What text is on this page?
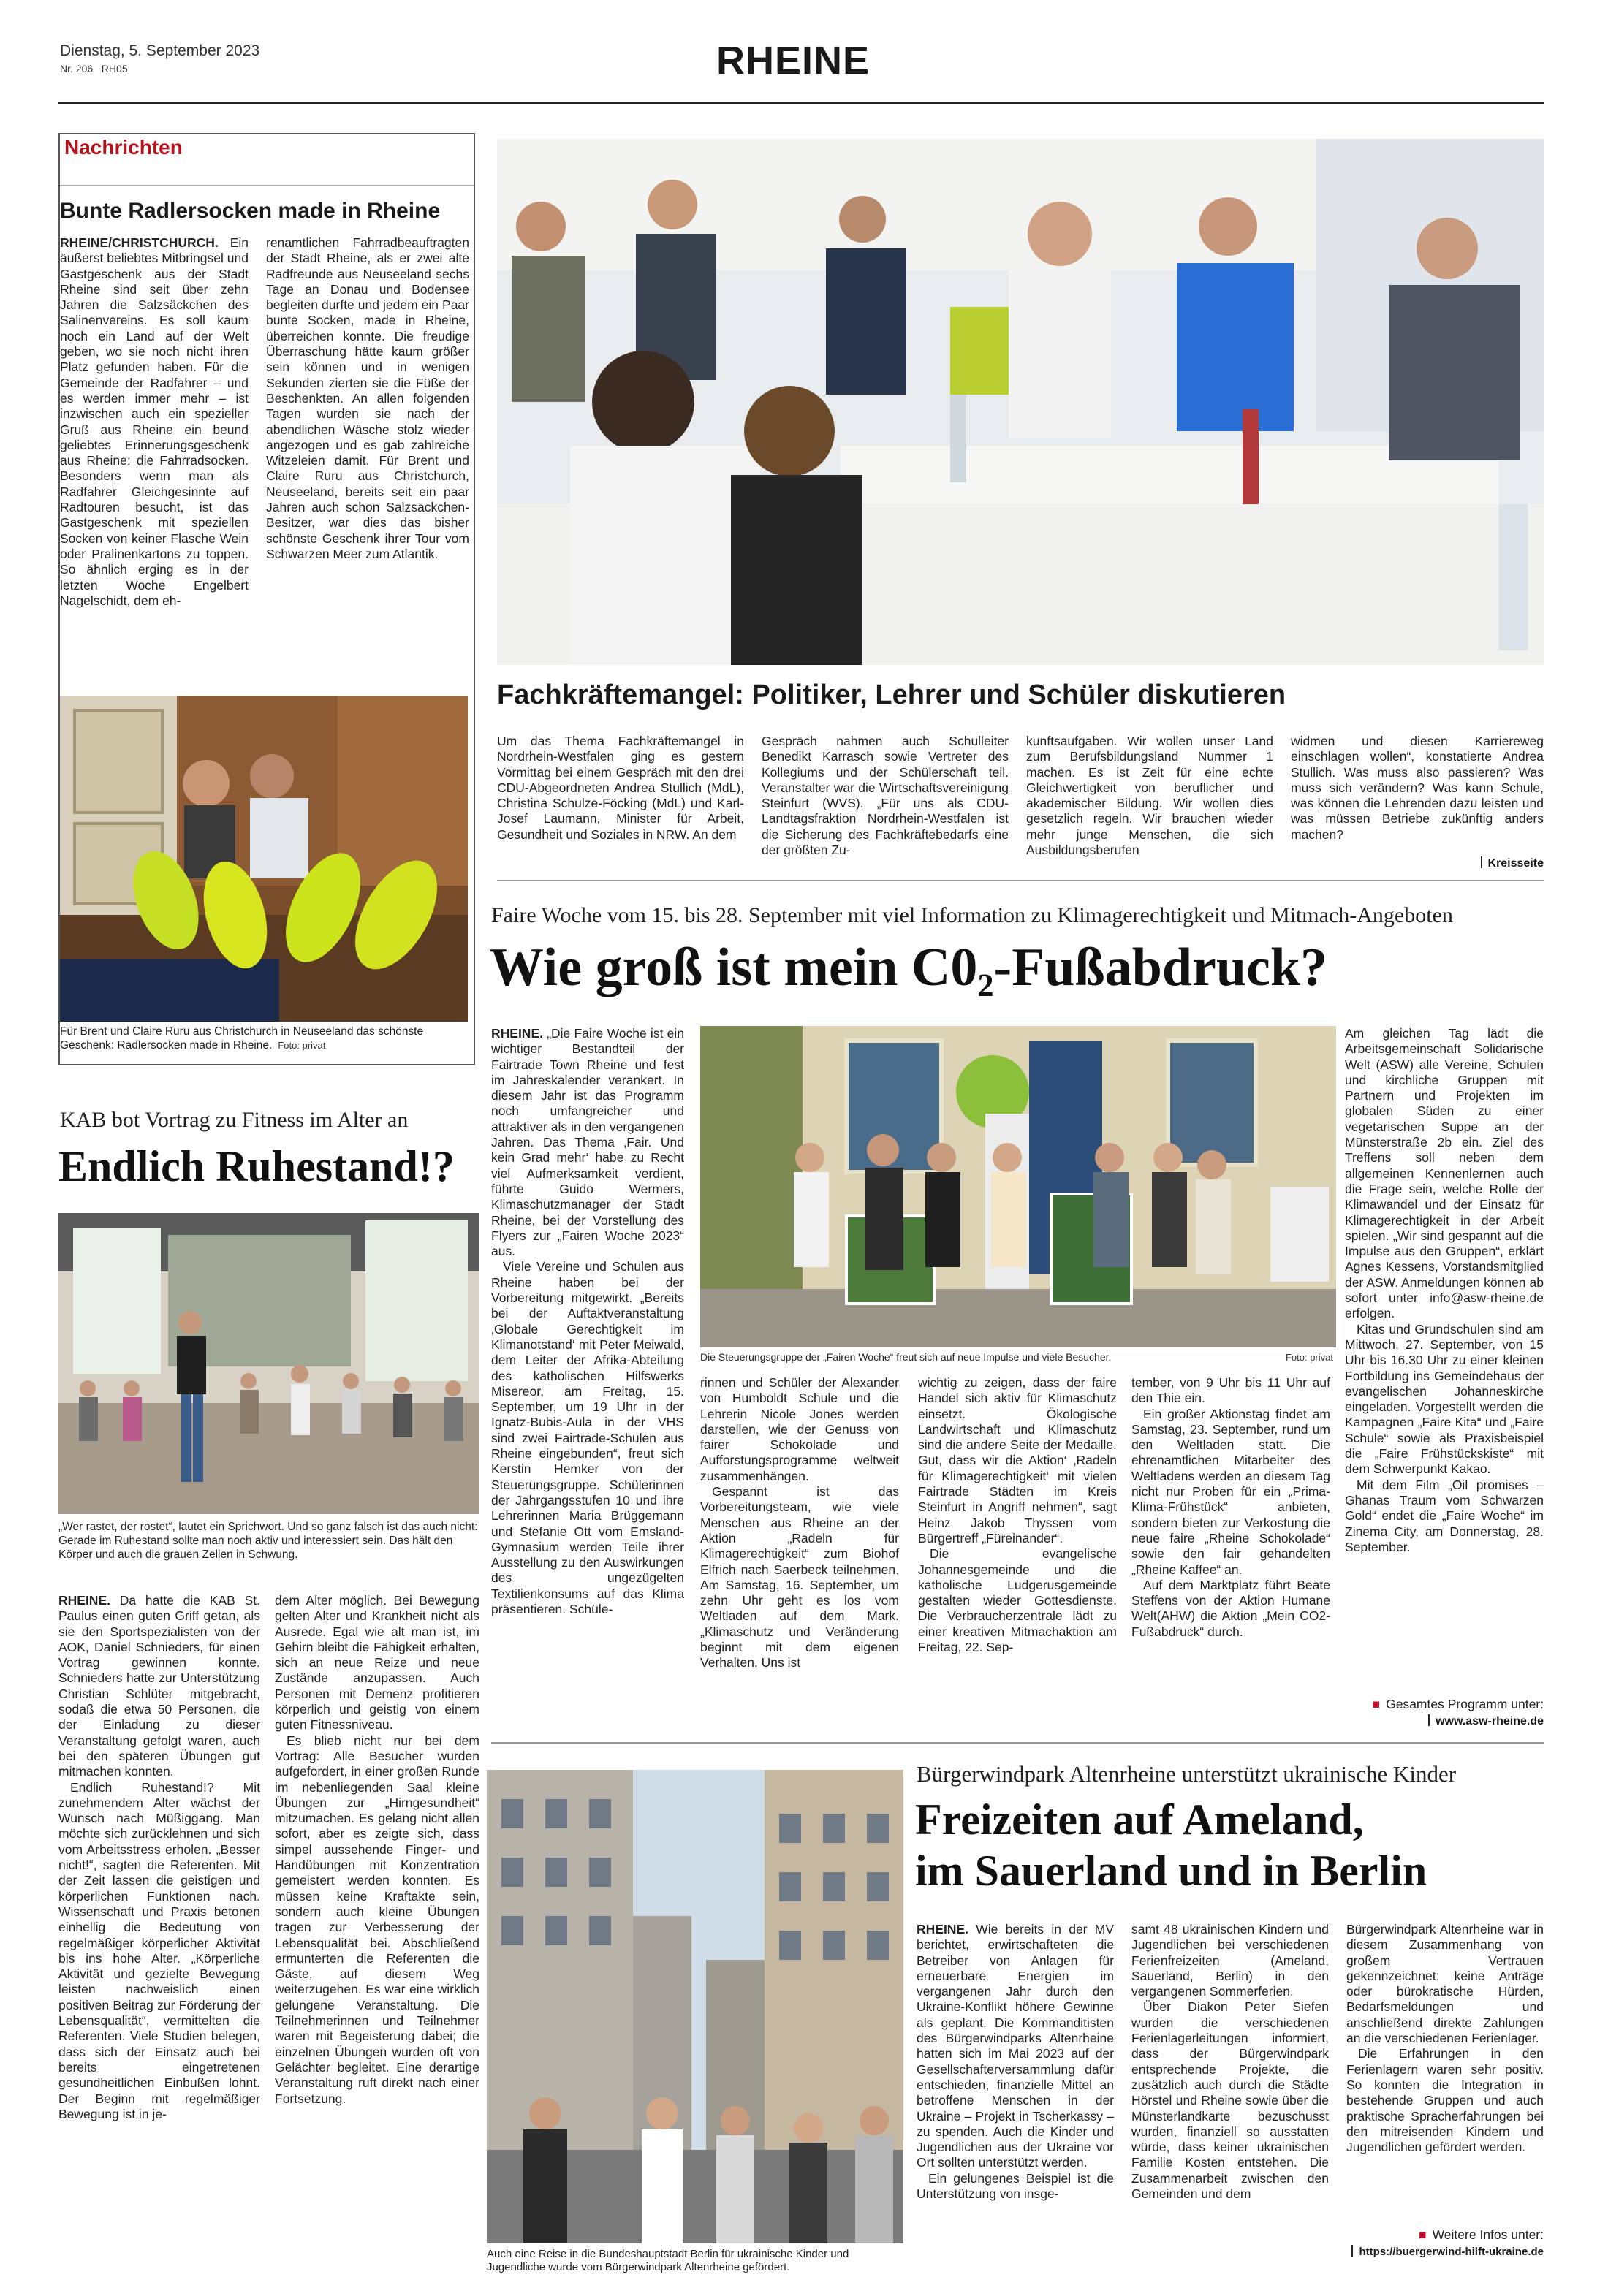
Dienstag, 5. September 2023
Nr. 206   RH05	RHEINE
Nachrichten
Bunte Radlersocken made in Rheine
RHEINE/CHRISTCHURCH. Ein äußerst beliebtes Mitbringsel und Gastgeschenk aus der Stadt Rheine sind seit über zehn Jahren die Salzsäckchen des Salinenvereins. Es soll kaum noch ein Land auf der Welt geben, wo sie noch nicht ihren Platz gefunden haben. Für die Gemeinde der Radfahrer – und es werden immer mehr – ist inzwischen auch ein spezieller Gruß aus Rheine ein beund geliebtes Erinnerungsgeschenk aus Rheine: die Fahrradsocken. Besonders wenn man als Radfahrer Gleichgesinnte auf Radtouren besucht, ist das Gastgeschenk mit speziellen Socken von keiner Flasche Wein oder Pralinenkartons zu toppen. So ähnlich erging es in der letzten Woche Engelbert Nagelschidt, dem eh-
renamtlichen Fahrradbeauftragten der Stadt Rheine, als er zwei alte Radfreunde aus Neuseeland sechs Tage an Donau und Bodensee begleiten durfte und jedem ein Paar bunte Socken, made in Rheine, überreichen konnte. Die freudige Überraschung hätte kaum größer sein können und in wenigen Sekunden zierten sie die Füße der Beschenkten. An allen folgenden Tagen wurden sie nach der abendlichen Wäsche stolz wieder angezogen und es gab zahlreiche Witzeleien damit. Für Brent und Claire Ruru aus Christchurch, Neuseeland, bereits seit ein paar Jahren auch schon Salzsäckchen-Besitzer, war dies das bisher schönste Geschenk ihrer Tour vom Schwarzen Meer zum Atlantik.
Für Brent und Claire Ruru aus Christchurch in Neuseeland das schönste Geschenk: Radlersocken made in Rheine. Foto: privat
KAB bot Vortrag zu Fitness im Alter an
Endlich Ruhestand!?
„Wer rastet, der rostet“, lautet ein Sprichwort. Und so ganz falsch ist das auch nicht: Gerade im Ruhestand sollte man noch aktiv und interessiert sein. Das hält den Körper und auch die grauen Zellen in Schwung.
RHEINE. Da hatte die KAB St. Paulus einen guten Griff getan, als sie den Sportspezialisten von der AOK, Daniel Schnieders, für einen Vortrag gewinnen konnte. Schnieders hatte zur Unterstützung Christian Schlüter mitgebracht, sodaß die etwa 50 Personen, die der Einladung zu dieser Veranstaltung gefolgt waren, auch bei den späteren Übungen gut mitmachen konnten.

Endlich Ruhestand!? Mit zunehmendem Alter wächst der Wunsch nach Müßiggang. Man möchte sich zurücklehnen und sich vom Arbeitsstress erholen. „Besser nicht!“, sagten die Referenten. Mit der Zeit lassen die geistigen und körperlichen Funktionen nach. Wissenschaft und Praxis betonen einhellig die Bedeutung von regelmäßiger körperlicher Aktivität bis ins hohe Alter. „Körperliche Aktivität und gezielte Bewegung leisten nachweislich einen positiven Beitrag zur Förderung der Lebensqualität“, vermittelten die Referenten. Viele Studien belegen, dass sich der Einsatz auch bei bereits eingetretenen gesundheitlichen Einbußen lohnt. Der Beginn mit regelmäßiger Bewegung ist in je-

dem Alter möglich. Bei Bewegung gelten Alter und Krankheit nicht als Ausrede. Egal wie alt man ist, im Gehirn bleibt die Fähigkeit erhalten, sich an neue Reize und neue Zustände anzupassen. Auch Personen mit Demenz profitieren körperlich und geistig von einem guten Fitnessniveau.

Es blieb nicht nur bei dem Vortrag: Alle Besucher wurden aufgefordert, in einer großen Runde im nebenliegenden Saal kleine Übungen zur „Hirngesundheit“ mitzumachen. Es gelang nicht allen sofort, aber es zeigte sich, dass simpel aussehende Finger- und Handübungen mit Konzentration gemeistert werden konnten. Es müssen keine Kraftakte sein, sondern auch kleine Übungen tragen zur Verbesserung der Lebensqualität bei. Abschließend ermunterten die Referenten die Gäste, auf diesem Weg weiterzugehen. Es war eine wirklich gelungene Veranstaltung. Die Teilnehmerinnen und Teilnehmer waren mit Begeisterung dabei; die einzelnen Übungen wurden oft von Gelächter begleitet. Eine derartige Veranstaltung ruft direkt nach einer Fortsetzung.

Fachkräftemangel: Politiker, Lehrer und Schüler diskutieren
Um das Thema Fachkräftemangel in Nordrhein-Westfalen ging es gestern Vormittag bei einem Gespräch mit den drei CDU-Abgeordneten Andrea Stullich (MdL), Christina Schulze-Föcking (MdL) und Karl-Josef Laumann, Minister für Arbeit, Gesundheit und Soziales in NRW. An dem
Gespräch nahmen auch Schulleiter Benedikt Karrasch sowie Vertreter des Kollegiums und der Schülerschaft teil. Veranstalter war die Wirtschaftsvereinigung Steinfurt (WVS). „Für uns als CDU-Landtagsfraktion Nordrhein-Westfalen ist die Sicherung des Fachkräftebedarfs eine der größten Zu-
kunftsaufgaben. Wir wollen unser Land zum Berufsbildungsland Nummer 1 machen. Es ist Zeit für eine echte Gleichwertigkeit von beruflicher und akademischer Bildung. Wir wollen dies gesetzlich regeln. Wir brauchen wieder mehr junge Menschen, die sich Ausbildungsberufen
widmen und diesen Karriereweg einschlagen wollen“, konstatierte Andrea Stullich. Was muss also passieren? Was muss sich verändern? Was kann Schule, was können die Lehrenden dazu leisten und was müssen Betriebe zukünftig anders machen?
Kreisseite
Faire Woche vom 15. bis 28. September mit viel Information zu Klimagerechtigkeit und Mitmach-Angeboten
Wie groß ist mein C0₂-Fußabdruck?
RHEINE. „Die Faire Woche ist ein wichtiger Bestandteil der Fairtrade Town Rheine und fest im Jahreskalender verankert. In diesem Jahr ist das Programm noch umfangreicher und attraktiver als in den vergangenen Jahren. Das Thema ‚Fair. Und kein Grad mehr‘ habe zu Recht viel Aufmerksamkeit verdient, führte Guido Wermers, Klimaschutzmanager der Stadt Rheine, bei der Vorstellung des Flyers zur „Fairen Woche 2023“ aus.

Viele Vereine und Schulen aus Rheine haben bei der Vorbereitung mitgewirkt. „Bereits bei der Auftaktveranstaltung ‚Globale Gerechtigkeit im Klimanotstand‘ mit Peter Meiwald, dem Leiter der Afrika-Abteilung des katholischen Hilfswerks Misereor, am Freitag, 15. September, um 19 Uhr in der Ignatz-Bubis-Aula in der VHS sind zwei Fairtrade-Schulen aus Rheine eingebunden“, freut sich Kerstin Hemker von der Steuerungsgruppe. Schülerinnen der Jahrgangsstufen 10 und ihre Lehrerinnen Maria Brüggemann und Stefanie Ott vom Emsland-Gymnasium werden Teile ihrer Ausstellung zu den Auswirkungen des ungezügelten Textilienkonsums auf das Klima präsentieren. Schüle-

Die Steuerungsgruppe der „Fairen Woche“ freut sich auf neue Impulse und viele Besucher.	Foto: privat
rinnen und Schüler der Alexander von Humboldt Schule und die Lehrerin Nicole Jones werden darstellen, wie der Genuss von fairer Schokolade und Aufforstungsprogramme weltweit zusammenhängen.

Gespannt ist das Vorbereitungsteam, wie viele Menschen aus Rheine an der Aktion „Radeln für Klimagerechtigkeit“ zum Biohof Elfrich nach Saerbeck teilnehmen. Am Samstag, 16. September, um zehn Uhr geht es los vom Weltladen auf dem Mark. „Klimaschutz und Veränderung beginnt mit dem eigenen Verhalten. Uns ist

wichtig zu zeigen, dass der faire Handel sich aktiv für Klimaschutz einsetzt. Ökologische Landwirtschaft und Klimaschutz sind die andere Seite der Medaille. Gut, dass wir die Aktion‘ ‚Radeln für Klimagerechtigkeit‘ mit vielen Fairtrade Städten im Kreis Steinfurt in Angriff nehmen“, sagt Heinz Jakob Thyssen vom Bürgertreff „Füreinander“.

Die evangelische Johannesgemeinde und die katholische Ludgerusgemeinde gestalten wieder Gottesdienste. Die Verbraucherzentrale lädt zu einer kreativen Mitmachaktion am Freitag, 22. Sep-

tember, von 9 Uhr bis 11 Uhr auf den Thie ein.

Ein großer Aktionstag findet am Samstag, 23. September, rund um den Weltladen statt. Die ehrenamtlichen Mitarbeiter des Weltladens werden an diesem Tag nicht nur Proben für ein „Prima-Klima-Frühstück“ anbieten, sondern bieten zur Verkostung die neue faire „Rheine Schokolade“ sowie den fair gehandelten „Rheine Kaffee“ an.

Auf dem Marktplatz führt Beate Steffens von der Aktion Humane Welt(AHW) die Aktion „Mein CO2- Fußabdruck“ durch.

Am gleichen Tag lädt die Arbeitsgemeinschaft Solidarische Welt (ASW) alle Vereine, Schulen und kirchliche Gruppen mit Partnern und Projekten im globalen Süden zu einer vegetarischen Suppe an der Münsterstraße 2b ein. Ziel des Treffens soll neben dem allgemeinen Kennenlernen auch die Frage sein, welche Rolle der Klimawandel und der Einsatz für Klimagerechtigkeit in der Arbeit spielen. „Wir sind gespannt auf die Impulse aus den Gruppen“, erklärt Agnes Kessens, Vorstandsmitglied der ASW. Anmeldungen können ab sofort unter info@asw-rheine.de erfolgen.

Kitas und Grundschulen sind am Mittwoch, 27. September, von 15 Uhr bis 16.30 Uhr zu einer kleinen Fortbildung ins Gemeindehaus der evangelischen Johanneskirche eingeladen. Vorgestellt werden die Kampagnen „Faire Kita“ und „Faire Schule“ sowie als Praxisbeispiel die „Faire Frühstückskiste“ mit dem Schwerpunkt Kakao.

Mit dem Film „Oil promises – Ghanas Traum vom Schwarzen Gold“ endet die „Faire Woche“ im Zinema City, am Donnerstag, 28. September.

■ Gesamtes Programm unter:
www.asw-rheine.de
Auch eine Reise in die Bundeshauptstadt Berlin für ukrainische Kinder und Jugendliche wurde vom Bürgerwindpark Altenrheine gefördert.
Bürgerwindpark Altenrheine unterstützt ukrainische Kinder
Freizeiten auf Ameland,
im Sauerland und in Berlin
RHEINE. Wie bereits in der MV berichtet, erwirtschafteten die Betreiber von Anlagen für erneuerbare Energien im vergangenen Jahr durch den Ukraine-Konflikt höhere Gewinne als geplant. Die Kommanditisten des Bürgerwindparks Altenrheine hatten sich im Mai 2023 auf der Gesellschafterversammlung dafür entschieden, finanzielle Mittel an betroffene Menschen in der Ukraine – Projekt in Tscherkassy – zu spenden. Auch die Kinder und Jugendlichen aus der Ukraine vor Ort sollten unterstützt werden.

Ein gelungenes Beispiel ist die Unterstützung von insge-

samt 48 ukrainischen Kindern und Jugendlichen bei verschiedenen Ferienfreizeiten (Ameland, Sauerland, Berlin) in den vergangenen Sommerferien.

Über Diakon Peter Siefen wurden die verschiedenen Ferienlagerleitungen informiert, dass der Bürgerwindpark entsprechende Projekte, die zusätzlich auch durch die Städte Hörstel und Rheine sowie über die Münsterlandkarte bezuschusst wurden, finanziell so ausstatten würde, dass keiner ukrainischen Familie Kosten entstehen. Die Zusammenarbeit zwischen den Gemeinden und dem

Bürgerwindpark Altenrheine war in diesem Zusammenhang von großem Vertrauen gekennzeichnet: keine Anträge oder bürokratische Hürden, Bedarfsmeldungen und anschließend direkte Zahlungen an die verschiedenen Ferienlager.

Die Erfahrungen in den Ferienlagern waren sehr positiv. So konnten die Integration in bestehende Gruppen und auch praktische Spracherfahrungen bei den mitreisenden Kindern und Jugendlichen gefördert werden.

■ Weitere Infos unter:
https://buergerwind-hilft-ukraine.de
